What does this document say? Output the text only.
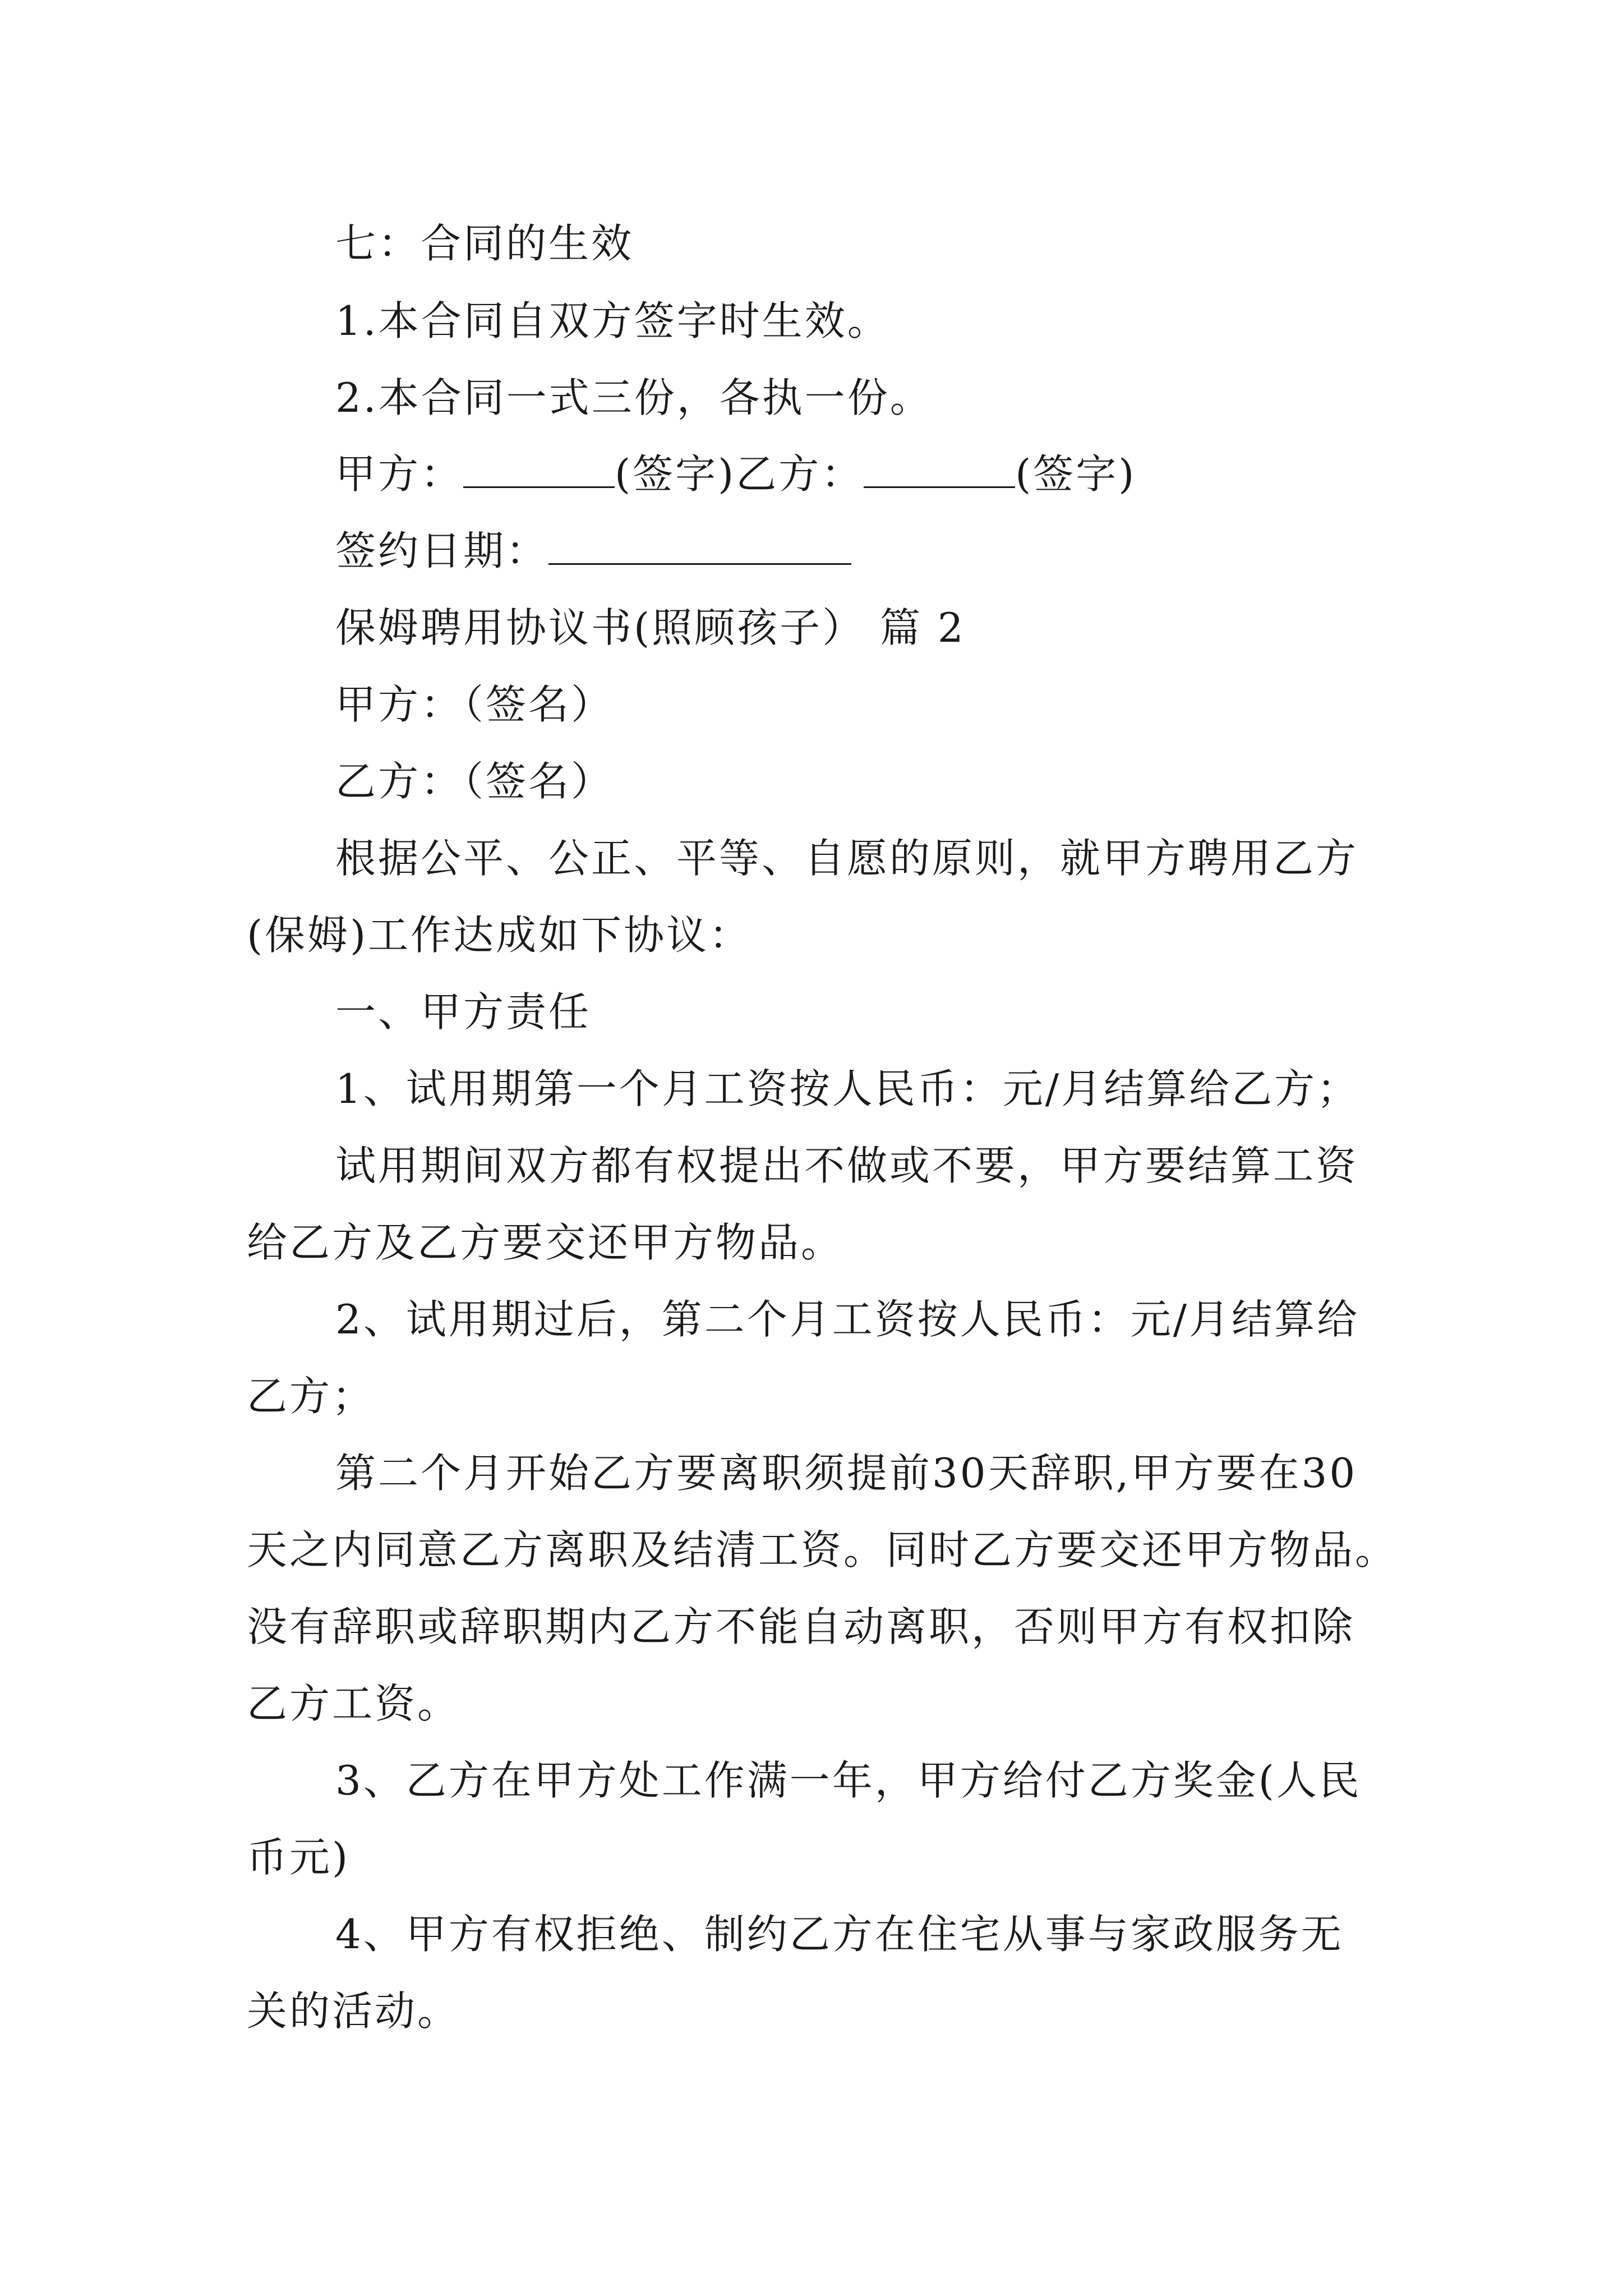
七：合同的生效
1.本合同自双方签字时生效。
2.本合同一式三份，各执一份。
甲方：	(签字)乙方：	(签字)
签约日期：
保姆聘用协议书(照顾孩子） 篇 2
甲方：（签名）
乙方：（签名）
根据公平、公正、平等、自愿的原则，就甲方聘用乙方
(保姆)工作达成如下协议：
一、甲方责任
1、试用期第一个月工资按人民币：元/月结算给乙方；
试用期间双方都有权提出不做或不要，甲方要结算工资
给乙方及乙方要交还甲方物品。
2、试用期过后，第二个月工资按人民币：元/月结算给
乙方；
第二个月开始乙方要离职须提前30天辞职,甲方要在30
天之内同意乙方离职及结清工资。同时乙方要交还甲方物品。
没有辞职或辞职期内乙方不能自动离职，否则甲方有权扣除
乙方工资。
3、乙方在甲方处工作满一年，甲方给付乙方奖金(人民
币元)
4、甲方有权拒绝、制约乙方在住宅从事与家政服务无
关的活动。
